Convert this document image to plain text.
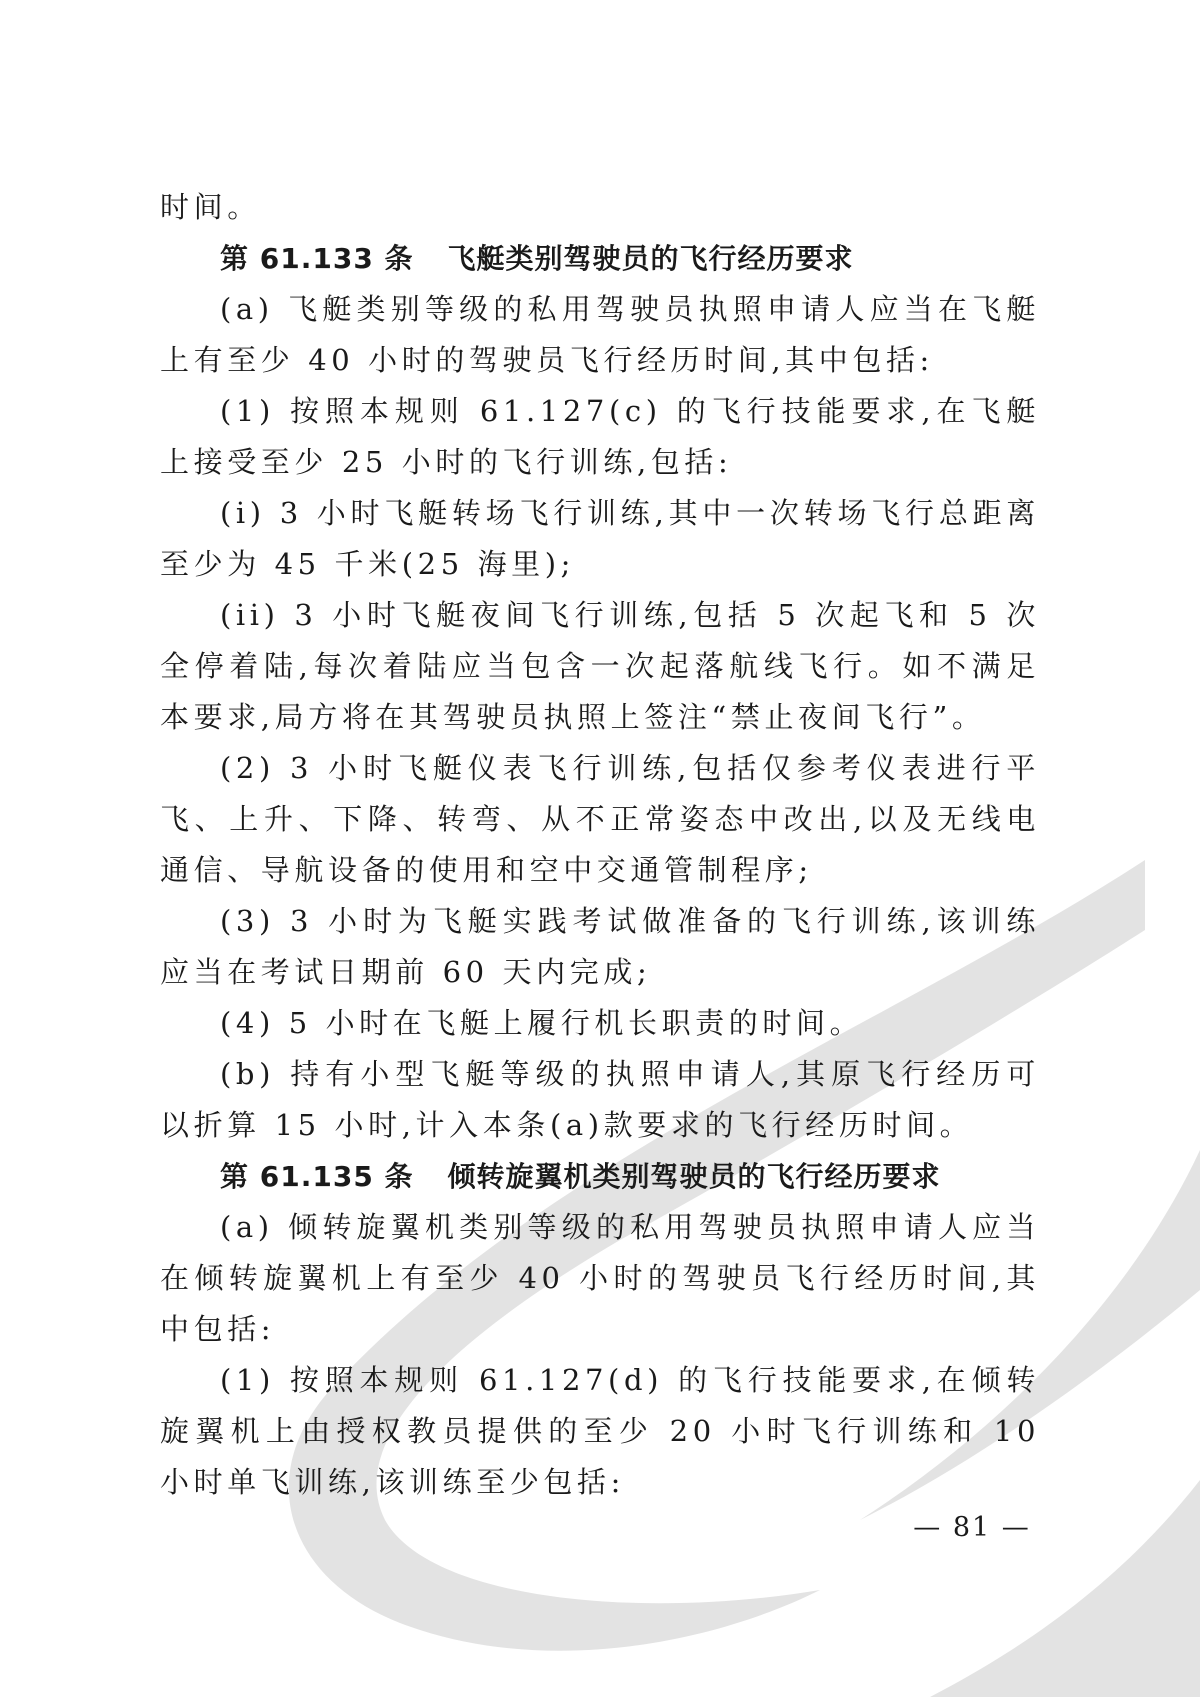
时间。

第 61.133 条 飞艇类别驾驶员的飞行经历要求

(a) 飞艇类别等级的私用驾驶员执照申请人应当在飞艇上有至少 40 小时的驾驶员飞行经历时间,其中包括:

(1) 按照本规则 61.127(c) 的飞行技能要求,在飞艇上接受至少 25 小时的飞行训练,包括:

(i) 3 小时飞艇转场飞行训练,其中一次转场飞行总距离至少为 45 千米(25 海里);

(ii) 3 小时飞艇夜间飞行训练,包括 5 次起飞和 5 次全停着陆,每次着陆应当包含一次起落航线飞行。如不满足本要求,局方将在其驾驶员执照上签注“禁止夜间飞行”。

(2) 3 小时飞艇仪表飞行训练,包括仅参考仪表进行平飞、上升、下降、转弯、从不正常姿态中改出,以及无线电通信、导航设备的使用和空中交通管制程序;

(3) 3 小时为飞艇实践考试做准备的飞行训练,该训练应当在考试日期前 60 天内完成;

(4) 5 小时在飞艇上履行机长职责的时间。

(b) 持有小型飞艇等级的执照申请人,其原飞行经历可以折算 15 小时,计入本条(a)款要求的飞行经历时间。

第 61.135 条 倾转旋翼机类别驾驶员的飞行经历要求

(a) 倾转旋翼机类别等级的私用驾驶员执照申请人应当在倾转旋翼机上有至少 40 小时的驾驶员飞行经历时间,其中包括:

(1) 按照本规则 61.127(d) 的飞行技能要求,在倾转旋翼机上由授权教员提供的至少 20 小时飞行训练和 10 小时单飞训练,该训练至少包括:

— 81 —
